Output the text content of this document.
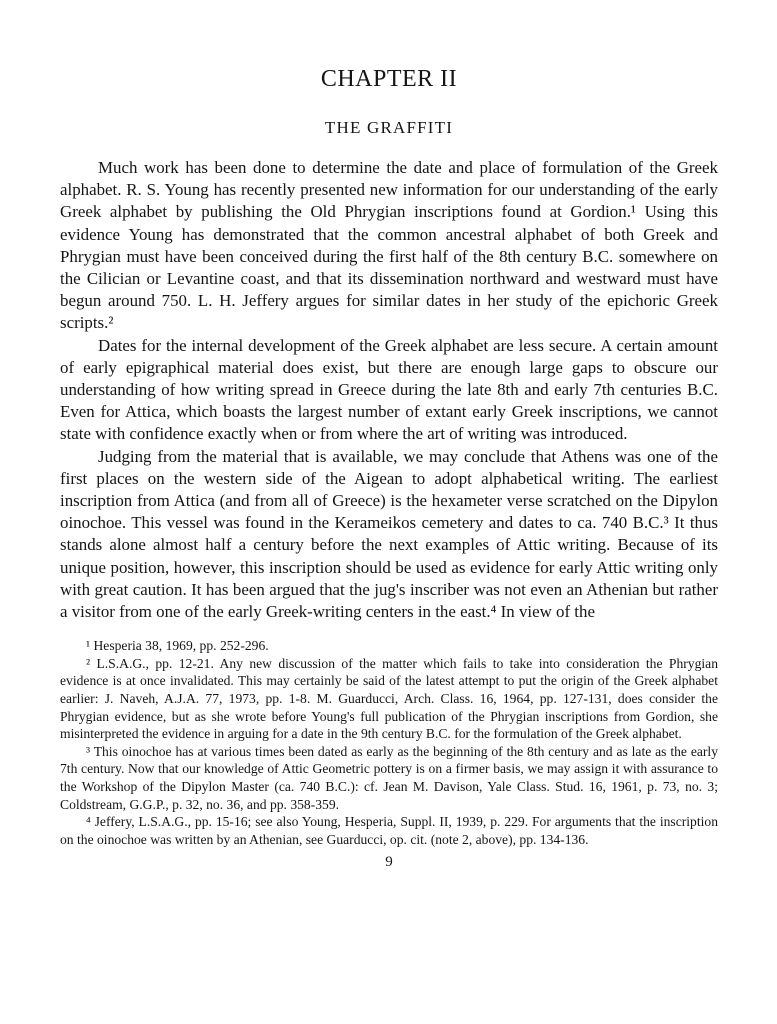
CHAPTER II
THE GRAFFITI

Much work has been done to determine the date and place of formulation of the Greek alphabet. R. S. Young has recently presented new information for our understanding of the early Greek alphabet by publishing the Old Phrygian inscriptions found at Gordion.¹ Using this evidence Young has demonstrated that the common ancestral alphabet of both Greek and Phrygian must have been conceived during the first half of the 8th century B.C. somewhere on the Cilician or Levantine coast, and that its dissemination northward and westward must have begun around 750. L. H. Jeffery argues for similar dates in her study of the epichoric Greek scripts.²

Dates for the internal development of the Greek alphabet are less secure. A certain amount of early epigraphical material does exist, but there are enough large gaps to obscure our understanding of how writing spread in Greece during the late 8th and early 7th centuries B.C. Even for Attica, which boasts the largest number of extant early Greek inscriptions, we cannot state with confidence exactly when or from where the art of writing was introduced.

Judging from the material that is available, we may conclude that Athens was one of the first places on the western side of the Aigean to adopt alphabetical writing. The earliest inscription from Attica (and from all of Greece) is the hexameter verse scratched on the Dipylon oinochoe. This vessel was found in the Kerameikos cemetery and dates to ca. 740 B.C.³ It thus stands alone almost half a century before the next examples of Attic writing. Because of its unique position, however, this inscription should be used as evidence for early Attic writing only with great caution. It has been argued that the jug's inscriber was not even an Athenian but rather a visitor from one of the early Greek-writing centers in the east.⁴ In view of the

¹ Hesperia 38, 1969, pp. 252-296.

² L.S.A.G., pp. 12-21. Any new discussion of the matter which fails to take into consideration the Phrygian evidence is at once invalidated. This may certainly be said of the latest attempt to put the origin of the Greek alphabet earlier: J. Naveh, A.J.A. 77, 1973, pp. 1-8. M. Guarducci, Arch. Class. 16, 1964, pp. 127-131, does consider the Phrygian evidence, but as she wrote before Young's full publication of the Phrygian inscriptions from Gordion, she misinterpreted the evidence in arguing for a date in the 9th century B.C. for the formulation of the Greek alphabet.

³ This oinochoe has at various times been dated as early as the beginning of the 8th century and as late as the early 7th century. Now that our knowledge of Attic Geometric pottery is on a firmer basis, we may assign it with assurance to the Workshop of the Dipylon Master (ca. 740 B.C.): cf. Jean M. Davison, Yale Class. Stud. 16, 1961, p. 73, no. 3; Coldstream, G.G.P., p. 32, no. 36, and pp. 358-359.

⁴ Jeffery, L.S.A.G., pp. 15-16; see also Young, Hesperia, Suppl. II, 1939, p. 229. For arguments that the inscription on the oinochoe was written by an Athenian, see Guarducci, op. cit. (note 2, above), pp. 134-136.

9
